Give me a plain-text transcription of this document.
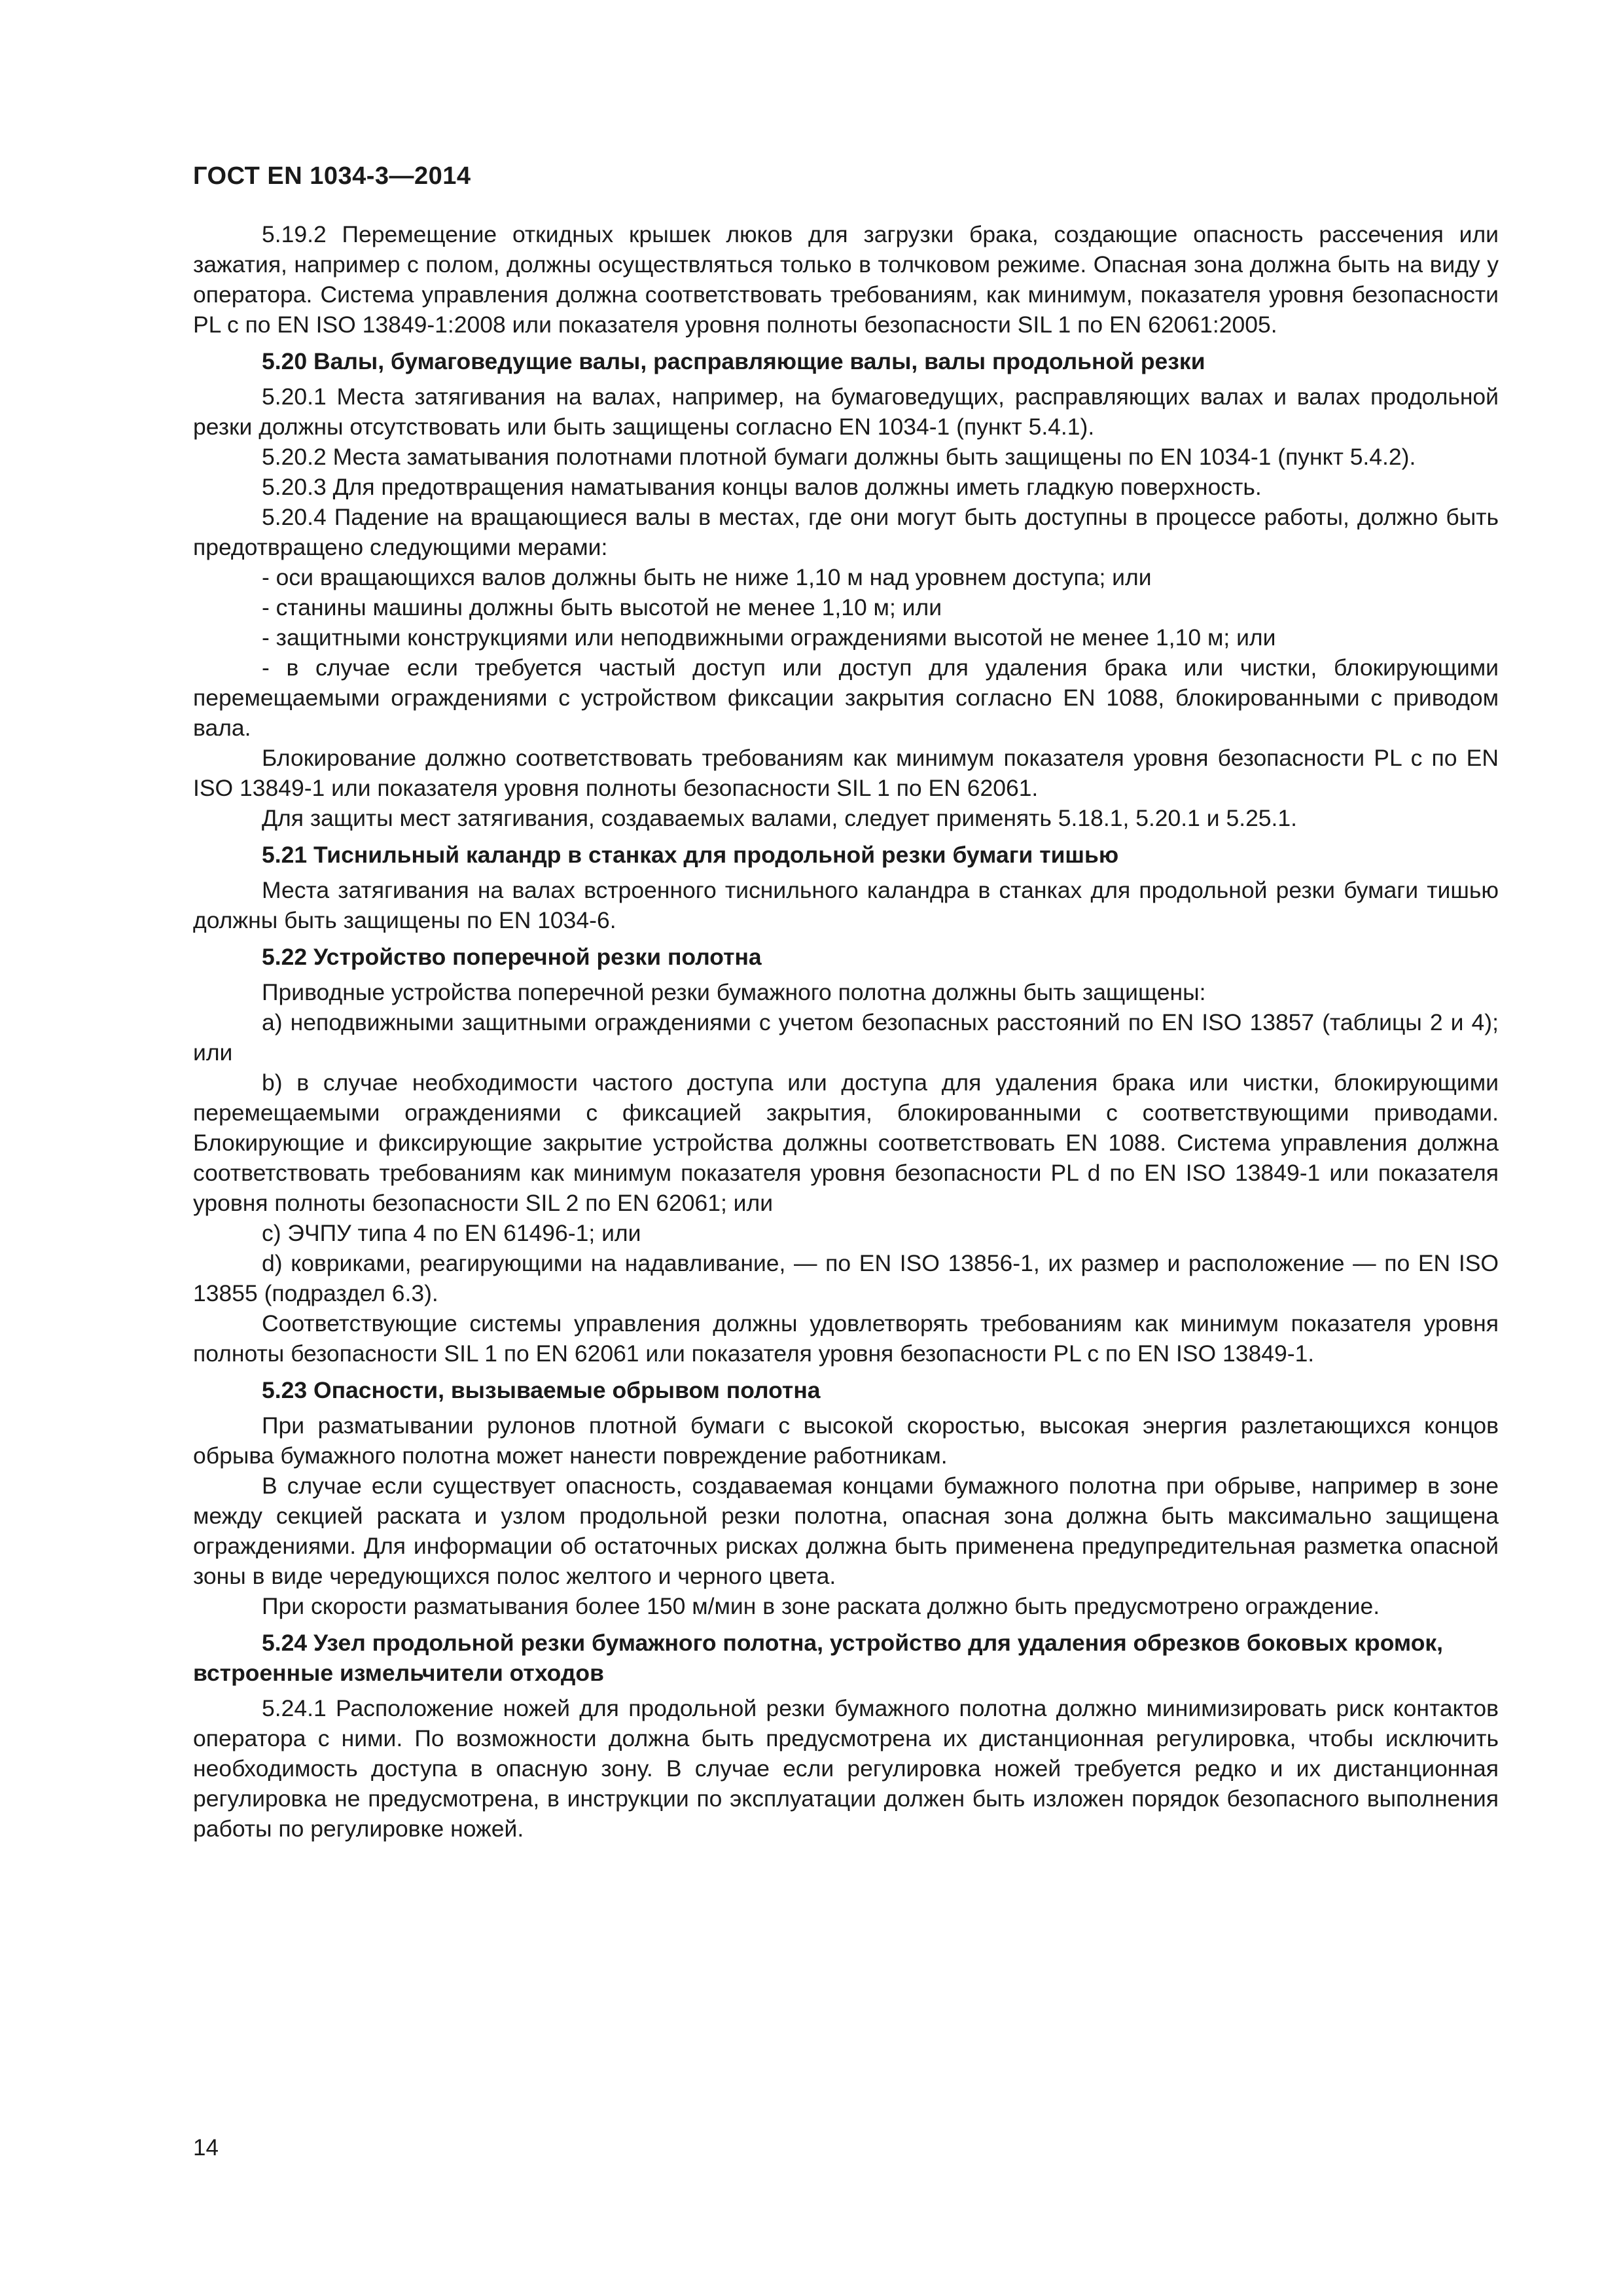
ГОСТ EN 1034-3—2014

5.19.2 Перемещение откидных крышек люков для загрузки брака, создающие опасность рассечения или зажатия, например с полом, должны осуществляться только в толчковом режиме. Опасная зона должна быть на виду у оператора. Система управления должна соответствовать требованиям, как минимум, показателя уровня безопасности PL с по EN ISO 13849-1:2008 или показателя уровня полноты безопасности SIL 1 по EN 62061:2005.

5.20 Валы, бумаговедущие валы, расправляющие валы, валы продольной резки

5.20.1 Места затягивания на валах, например, на бумаговедущих, расправляющих валах и валах продольной резки должны отсутствовать или быть защищены согласно EN 1034-1 (пункт 5.4.1).

5.20.2 Места заматывания полотнами плотной бумаги должны быть защищены по EN 1034-1 (пункт 5.4.2).

5.20.3 Для предотвращения наматывания концы валов должны иметь гладкую поверхность.

5.20.4 Падение на вращающиеся валы в местах, где они могут быть доступны в процессе работы, должно быть предотвращено следующими мерами:

- оси вращающихся валов должны быть не ниже 1,10 м над уровнем доступа; или

- станины машины должны быть высотой не менее 1,10 м; или

- защитными конструкциями или неподвижными ограждениями высотой не менее 1,10 м; или

- в случае если требуется частый доступ или доступ для удаления брака или чистки, блокирующими перемещаемыми ограждениями с устройством фиксации закрытия согласно EN 1088, блокированными с приводом вала.

Блокирование должно соответствовать требованиям как минимум показателя уровня безопасности PL с по EN ISO 13849-1 или показателя уровня полноты безопасности SIL 1 по EN 62061.

Для защиты мест затягивания, создаваемых валами, следует применять 5.18.1, 5.20.1 и 5.25.1.

5.21 Тиснильный каландр в станках для продольной резки бумаги тишью

Места затягивания на валах встроенного тиснильного каландра в станках для продольной резки бумаги тишью должны быть защищены по EN 1034-6.

5.22 Устройство поперечной резки полотна

Приводные устройства поперечной резки бумажного полотна должны быть защищены:

a) неподвижными защитными ограждениями с учетом безопасных расстояний по EN ISO 13857 (таблицы 2 и 4); или

b) в случае необходимости частого доступа или доступа для удаления брака или чистки, блокирующими перемещаемыми ограждениями с фиксацией закрытия, блокированными с соответствующими приводами. Блокирующие и фиксирующие закрытие устройства должны соответствовать EN 1088. Система управления должна соответствовать требованиям как минимум показателя уровня безопасности PL d по EN ISO 13849-1 или показателя уровня полноты безопасности SIL 2 по EN 62061; или

c) ЭЧПУ типа 4 по EN 61496-1; или

d) ковриками, реагирующими на надавливание, — по EN ISO 13856-1, их размер и расположение — по EN ISO 13855 (подраздел 6.3).

Соответствующие системы управления должны удовлетворять требованиям как минимум показателя уровня полноты безопасности SIL 1 по EN 62061 или показателя уровня безопасности PL с по EN ISO 13849-1.

5.23 Опасности, вызываемые обрывом полотна

При разматывании рулонов плотной бумаги с высокой скоростью, высокая энергия разлетающихся концов обрыва бумажного полотна может нанести повреждение работникам.

В случае если существует опасность, создаваемая концами бумажного полотна при обрыве, например в зоне между секцией раската и узлом продольной резки полотна, опасная зона должна быть максимально защищена ограждениями. Для информации об остаточных рисках должна быть применена предупредительная разметка опасной зоны в виде чередующихся полос желтого и черного цвета.

При скорости разматывания более 150 м/мин в зоне раската должно быть предусмотрено ограждение.

5.24 Узел продольной резки бумажного полотна, устройство для удаления обрезков боковых кромок, встроенные измельчители отходов

5.24.1 Расположение ножей для продольной резки бумажного полотна должно минимизировать риск контактов оператора с ними. По возможности должна быть предусмотрена их дистанционная регулировка, чтобы исключить необходимость доступа в опасную зону. В случае если регулировка ножей требуется редко и их дистанционная регулировка не предусмотрена, в инструкции по эксплуатации должен быть изложен порядок безопасного выполнения работы по регулировке ножей.

14
